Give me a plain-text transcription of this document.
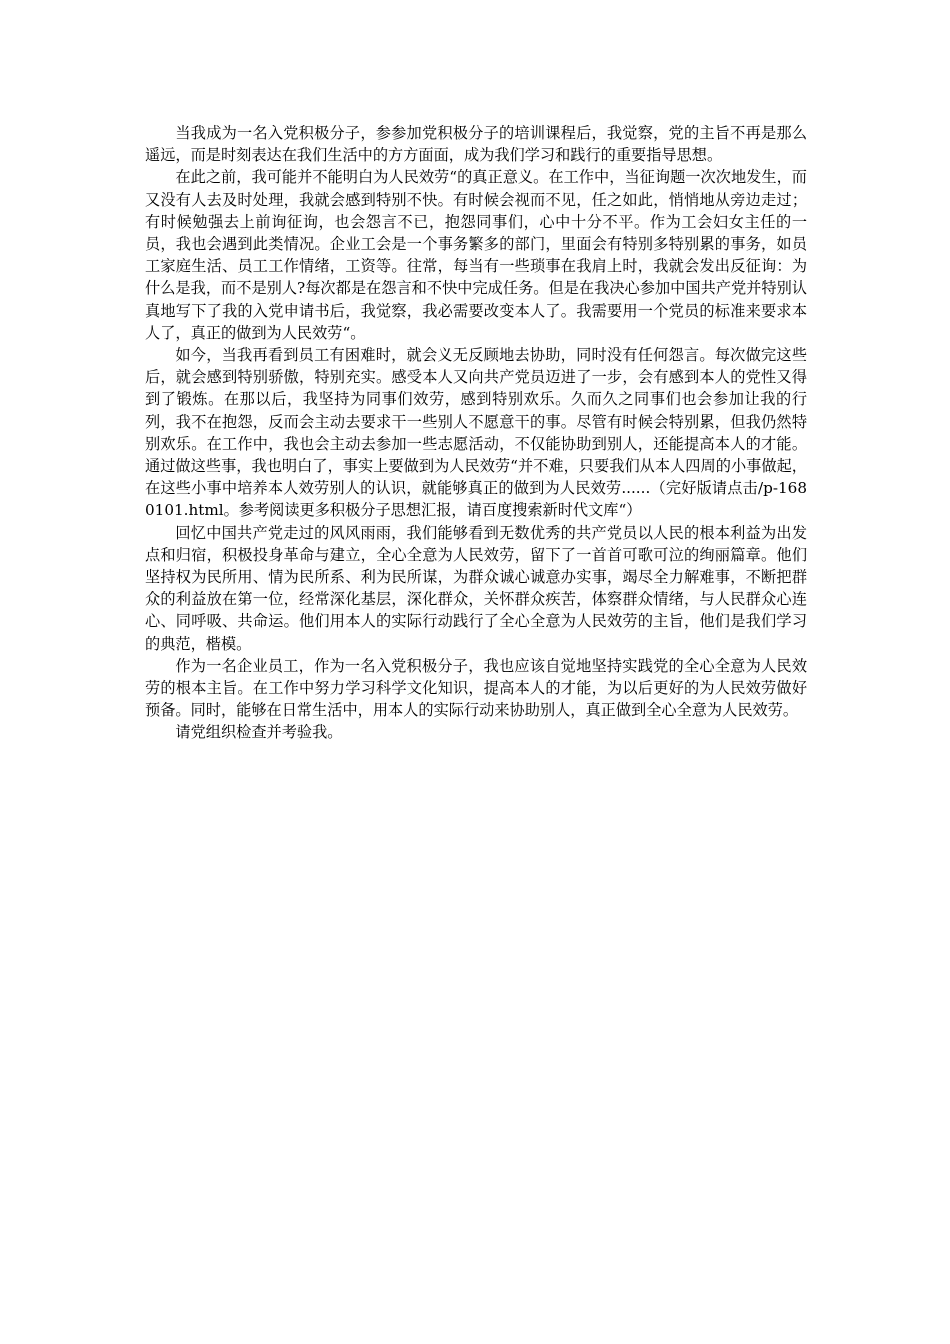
当我成为一名入党积极分子，参参加党积极分子的培训课程后，我觉察，党的主旨不再是那么遥远，而是时刻表达在我们生活中的方方面面，成为我们学习和践行的重要指导思想。

在此之前，我可能并不能明白为人民效劳“的真正意义。在工作中，当征询题一次次地发生，而又没有人去及时处理，我就会感到特别不快。有时候会视而不见，任之如此，悄悄地从旁边走过；有时候勉强去上前询征询，也会怨言不已，抱怨同事们，心中十分不平。作为工会妇女主任的一员，我也会遇到此类情况。企业工会是一个事务繁多的部门，里面会有特别多特别累的事务，如员工家庭生活、员工工作情绪，工资等。往常，每当有一些琐事在我肩上时，我就会发出反征询：为什么是我，而不是别人?每次都是在怨言和不快中完成任务。但是在我决心参加中国共产党并特别认真地写下了我的入党申请书后，我觉察，我必需要改变本人了。我需要用一个党员的标准来要求本人了，真正的做到为人民效劳“。

如今，当我再看到员工有困难时，就会义无反顾地去协助，同时没有任何怨言。每次做完这些后，就会感到特别骄傲，特别充实。感受本人又向共产党员迈进了一步，会有感到本人的党性又得到了锻炼。在那以后，我坚持为同事们效劳，感到特别欢乐。久而久之同事们也会参加让我的行列，我不在抱怨，反而会主动去要求干一些别人不愿意干的事。尽管有时候会特别累，但我仍然特别欢乐。在工作中，我也会主动去参加一些志愿活动，不仅能协助到别人，还能提高本人的才能。通过做这些事，我也明白了，事实上要做到为人民效劳“并不难，只要我们从本人四周的小事做起，在这些小事中培养本人效劳别人的认识，就能够真正的做到为人民效劳......（完好版请点击/p-1680101.html。参考阅读更多积极分子思想汇报，请百度搜索新时代文库“）

回忆中国共产党走过的风风雨雨，我们能够看到无数优秀的共产党员以人民的根本利益为出发点和归宿，积极投身革命与建立，全心全意为人民效劳，留下了一首首可歌可泣的绚丽篇章。他们坚持权为民所用、情为民所系、利为民所谋，为群众诚心诚意办实事，竭尽全力解难事，不断把群众的利益放在第一位，经常深化基层，深化群众，关怀群众疾苦，体察群众情绪，与人民群众心连心、同呼吸、共命运。他们用本人的实际行动践行了全心全意为人民效劳的主旨，他们是我们学习的典范，楷模。

作为一名企业员工，作为一名入党积极分子，我也应该自觉地坚持实践党的全心全意为人民效劳的根本主旨。在工作中努力学习科学文化知识，提高本人的才能，为以后更好的为人民效劳做好预备。同时，能够在日常生活中，用本人的实际行动来协助别人，真正做到全心全意为人民效劳。

请党组织检查并考验我。
